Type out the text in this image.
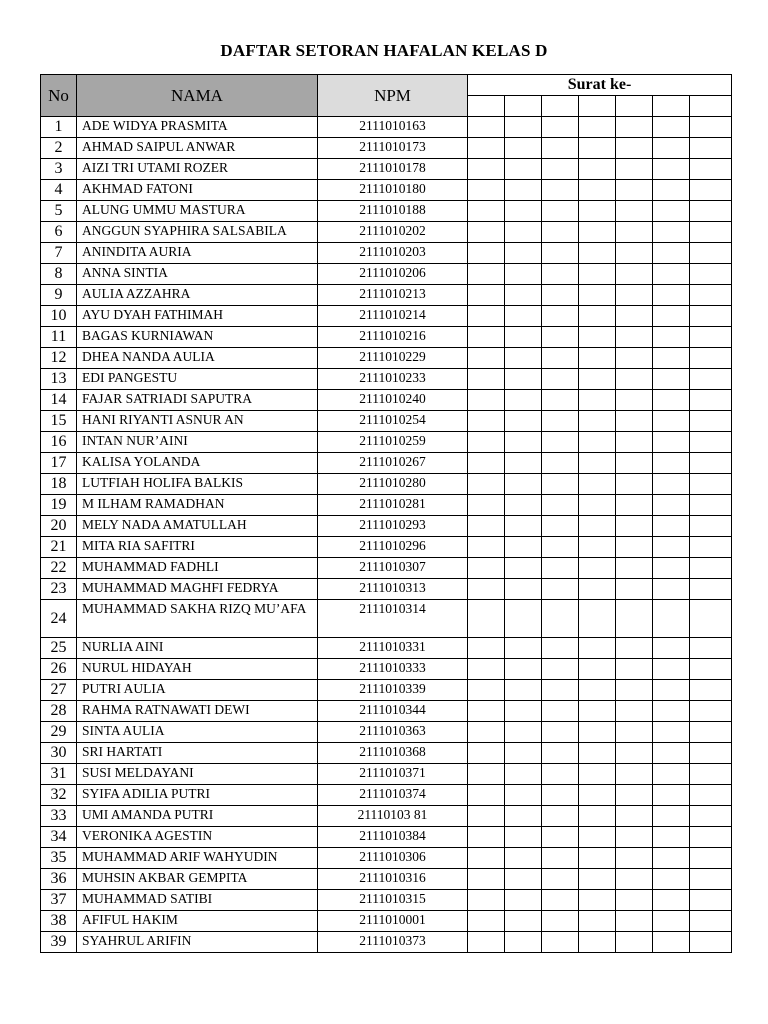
DAFTAR SETORAN HAFALAN KELAS D
No	NAMA	NPM	Surat ke-						

1	ADE WIDYA PRASMITA	2111010163							
2	AHMAD SAIPUL ANWAR	2111010173							
3	AIZI TRI UTAMI ROZER	2111010178							
4	AKHMAD FATONI	2111010180							
5	ALUNG UMMU MASTURA	2111010188							
6	ANGGUN SYAPHIRA SALSABILA	2111010202							
7	ANINDITA AURIA	2111010203							
8	ANNA SINTIA	2111010206							
9	AULIA AZZAHRA	2111010213							
10	AYU DYAH FATHIMAH	2111010214							
11	BAGAS KURNIAWAN	2111010216							
12	DHEA NANDA AULIA	2111010229							
13	EDI PANGESTU	2111010233							
14	FAJAR SATRIADI SAPUTRA	2111010240							
15	HANI RIYANTI ASNUR AN	2111010254							
16	INTAN NUR’AINI	2111010259							
17	KALISA YOLANDA	2111010267							
18	LUTFIAH HOLIFA BALKIS	2111010280							
19	M ILHAM RAMADHAN	2111010281							
20	MELY NADA AMATULLAH	2111010293							
21	MITA RIA SAFITRI	2111010296							
22	MUHAMMAD FADHLI	2111010307							
23	MUHAMMAD MAGHFI FEDRYA	2111010313							
24	MUHAMMAD SAKHA RIZQ MU’AFA	2111010314							
25	NURLIA AINI	2111010331							
26	NURUL HIDAYAH	2111010333							
27	PUTRI AULIA	2111010339							
28	RAHMA RATNAWATI DEWI	2111010344							
29	SINTA AULIA	2111010363							
30	SRI HARTATI	2111010368							
31	SUSI MELDAYANI	2111010371							
32	SYIFA ADILIA PUTRI	2111010374							
33	UMI AMANDA PUTRI	21110103 81							
34	VERONIKA AGESTIN	2111010384							
35	MUHAMMAD ARIF WAHYUDIN	2111010306							
36	MUHSIN AKBAR GEMPITA	2111010316							
37	MUHAMMAD SATIBI	2111010315							
38	AFIFUL HAKIM	2111010001							
39	SYAHRUL ARIFIN	2111010373							
